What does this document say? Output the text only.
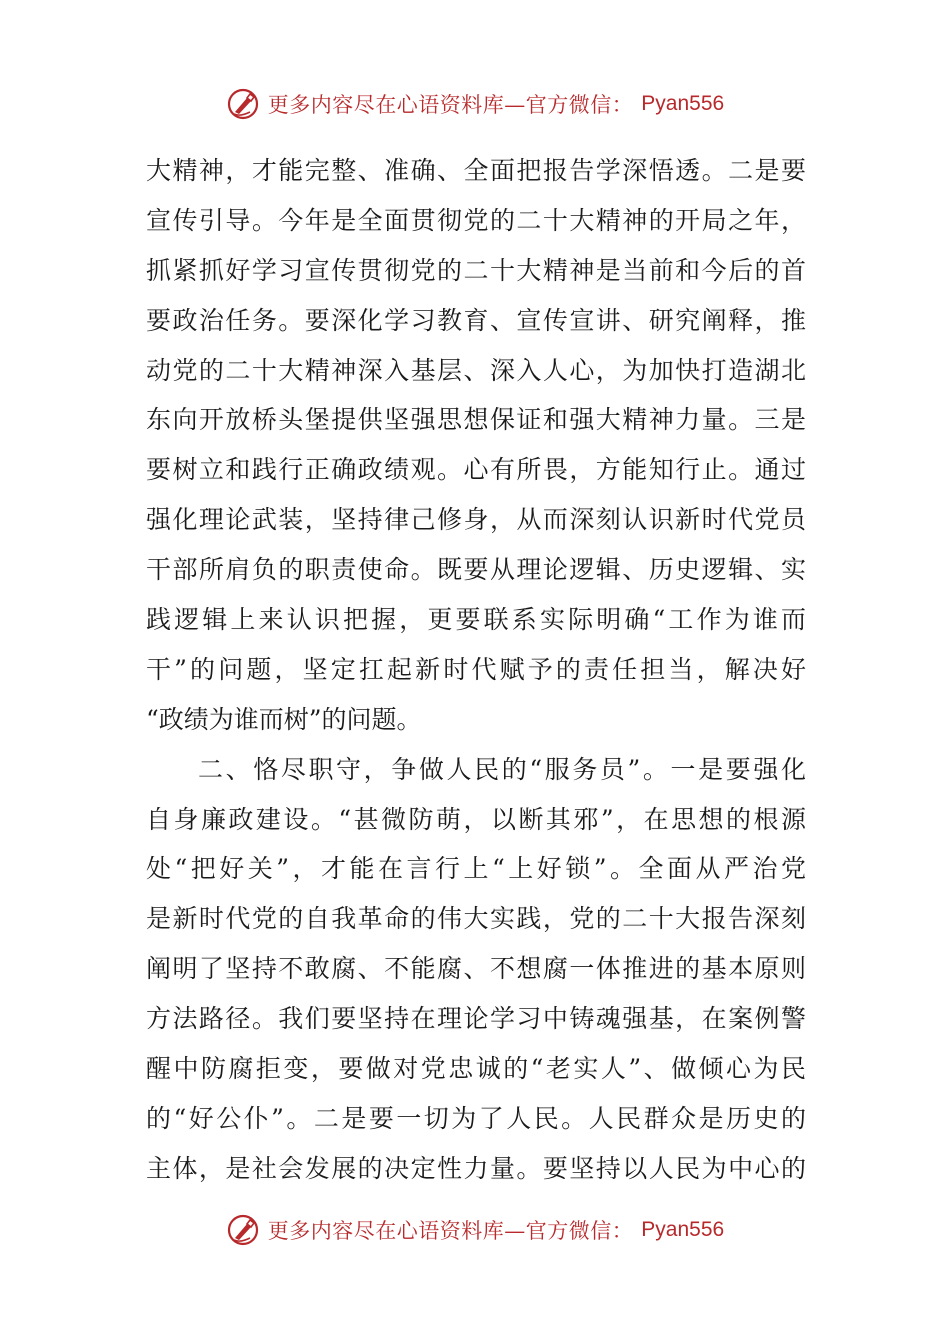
更多内容尽在心语资料库—官方微信： Pyan556
大精神，才能完整、准确、全面把报告学深悟透。二是要
宣传引导。今年是全面贯彻党的二十大精神的开局之年，
抓紧抓好学习宣传贯彻党的二十大精神是当前和今后的首
要政治任务。要深化学习教育、宣传宣讲、研究阐释，推
动党的二十大精神深入基层、深入人心，为加快打造湖北
东向开放桥头堡提供坚强思想保证和强大精神力量。三是
要树立和践行正确政绩观。心有所畏，方能知行止。通过
强化理论武装，坚持律己修身，从而深刻认识新时代党员
干部所肩负的职责使命。既要从理论逻辑、历史逻辑、实
践逻辑上来认识把握，更要联系实际明确“工作为谁而
干”的问题，坚定扛起新时代赋予的责任担当，解决好
“政绩为谁而树”的问题。
二、恪尽职守，争做人民的“服务员”。一是要强化
自身廉政建设。“甚微防萌，以断其邪”，在思想的根源
处“把好关”，才能在言行上“上好锁”。全面从严治党
是新时代党的自我革命的伟大实践，党的二十大报告深刻
阐明了坚持不敢腐、不能腐、不想腐一体推进的基本原则
方法路径。我们要坚持在理论学习中铸魂强基，在案例警
醒中防腐拒变，要做对党忠诚的“老实人”、做倾心为民
的“好公仆”。二是要一切为了人民。人民群众是历史的
主体，是社会发展的决定性力量。要坚持以人民为中心的
更多内容尽在心语资料库—官方微信： Pyan556
